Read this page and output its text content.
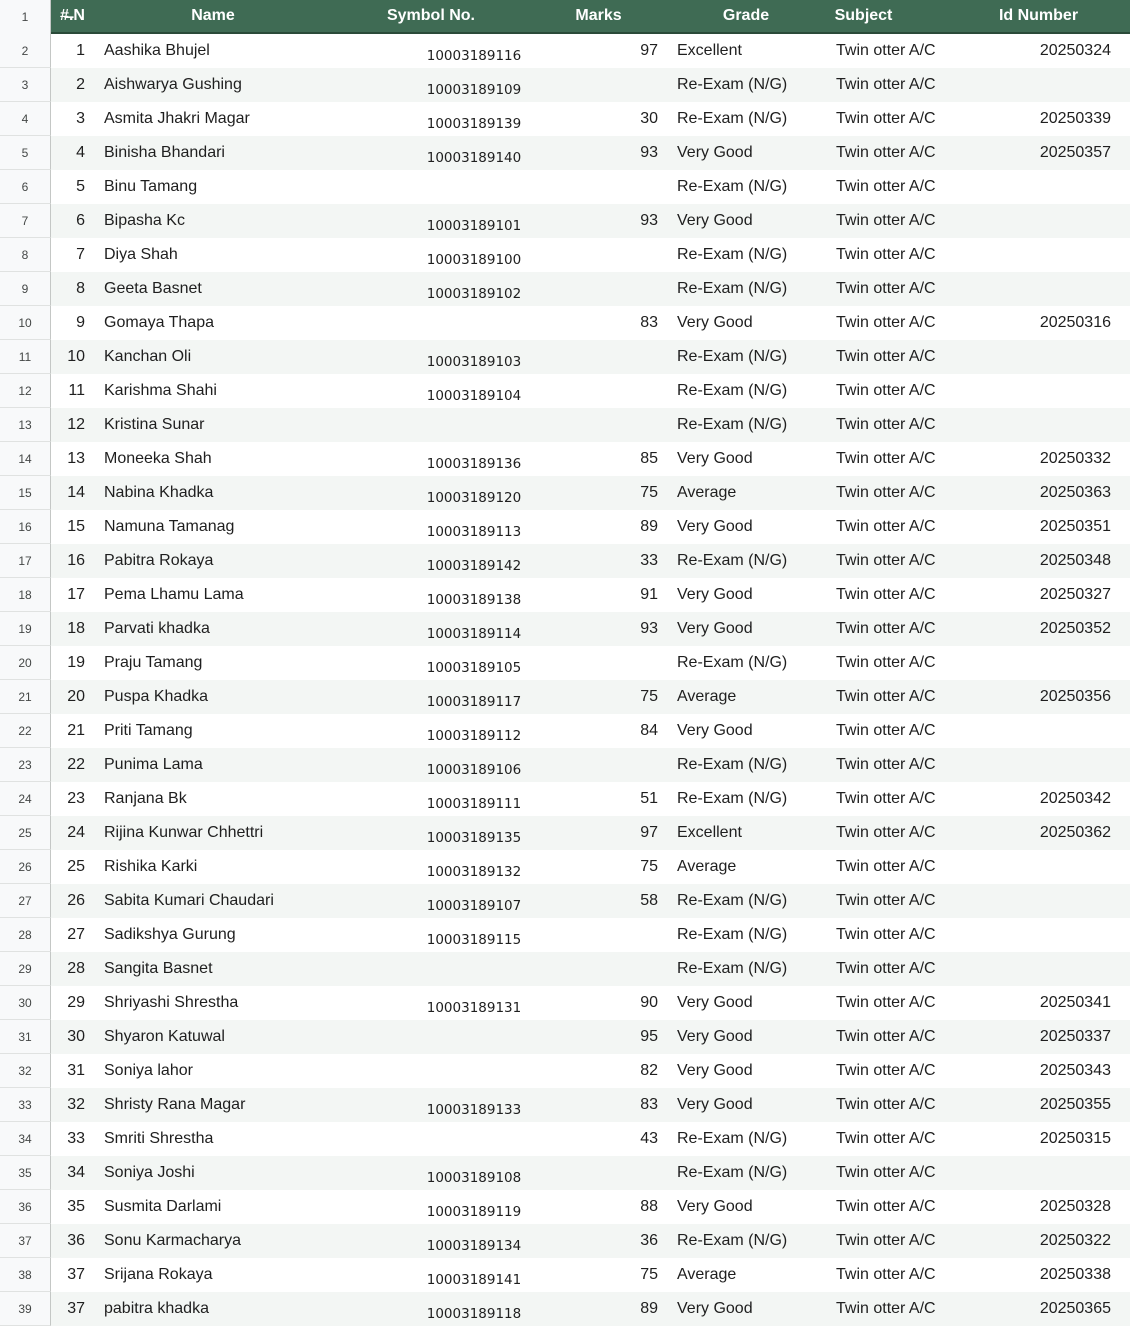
1	#̶.N	Name	Symbol No.	Marks	Grade	Subject	Id Number
2	1 Aashika Bhujel	10003189116	97 Excellent	Twin otter A/C	20250324
3	2 Aishwarya Gushing	10003189109	Re-Exam (N/G)	Twin otter A/C
4	3 Asmita Jhakri Magar	10003189139	30 Re-Exam (N/G)	Twin otter A/C	20250339
5	4 Binisha Bhandari	10003189140	93 Very Good	Twin otter A/C	20250357
6	5 Binu Tamang	Re-Exam (N/G)	Twin otter A/C
7	6 Bipasha Kc	10003189101	93 Very Good	Twin otter A/C
8	7 Diya Shah	10003189100	Re-Exam (N/G)	Twin otter A/C
9	8 Geeta Basnet	10003189102	Re-Exam (N/G)	Twin otter A/C
10	9 Gomaya Thapa	83 Very Good	Twin otter A/C	20250316
11	10 Kanchan Oli	10003189103	Re-Exam (N/G)	Twin otter A/C
12	11 Karishma Shahi	10003189104	Re-Exam (N/G)	Twin otter A/C
13	12 Kristina Sunar	Re-Exam (N/G)	Twin otter A/C
14	13 Moneeka Shah	10003189136	85 Very Good	Twin otter A/C	20250332
15	14 Nabina Khadka	10003189120	75 Average	Twin otter A/C	20250363
16	15 Namuna Tamanag	10003189113	89 Very Good	Twin otter A/C	20250351
17	16 Pabitra Rokaya	10003189142	33 Re-Exam (N/G)	Twin otter A/C	20250348
18	17 Pema Lhamu Lama	10003189138	91 Very Good	Twin otter A/C	20250327
19	18 Parvati khadka	10003189114	93 Very Good	Twin otter A/C	20250352
20	19 Praju Tamang	10003189105	Re-Exam (N/G)	Twin otter A/C
21	20 Puspa Khadka	10003189117	75 Average	Twin otter A/C	20250356
22	21 Priti Tamang	10003189112	84 Very Good	Twin otter A/C
23	22 Punima Lama	10003189106	Re-Exam (N/G)	Twin otter A/C
24	23 Ranjana Bk	10003189111	51 Re-Exam (N/G)	Twin otter A/C	20250342
25	24 Rijina Kunwar Chhettri	10003189135	97 Excellent	Twin otter A/C	20250362
26	25 Rishika Karki	10003189132	75 Average	Twin otter A/C
27	26 Sabita Kumari Chaudari	10003189107	58 Re-Exam (N/G)	Twin otter A/C
28	27 Sadikshya Gurung	10003189115	Re-Exam (N/G)	Twin otter A/C
29	28 Sangita Basnet	Re-Exam (N/G)	Twin otter A/C
30	29 Shriyashi Shrestha	10003189131	90 Very Good	Twin otter A/C	20250341
31	30 Shyaron Katuwal	95 Very Good	Twin otter A/C	20250337
32	31 Soniya lahor	82 Very Good	Twin otter A/C	20250343
33	32 Shristy Rana Magar	10003189133	83 Very Good	Twin otter A/C	20250355
34	33 Smriti Shrestha	43 Re-Exam (N/G)	Twin otter A/C	20250315
35	34 Soniya Joshi	10003189108	Re-Exam (N/G)	Twin otter A/C
36	35 Susmita Darlami	10003189119	88 Very Good	Twin otter A/C	20250328
37	36 Sonu Karmacharya	10003189134	36 Re-Exam (N/G)	Twin otter A/C	20250322
38	37 Srijana Rokaya	10003189141	75 Average	Twin otter A/C	20250338
39	37 pabitra khadka	10003189118	89 Very Good	Twin otter A/C	20250365
